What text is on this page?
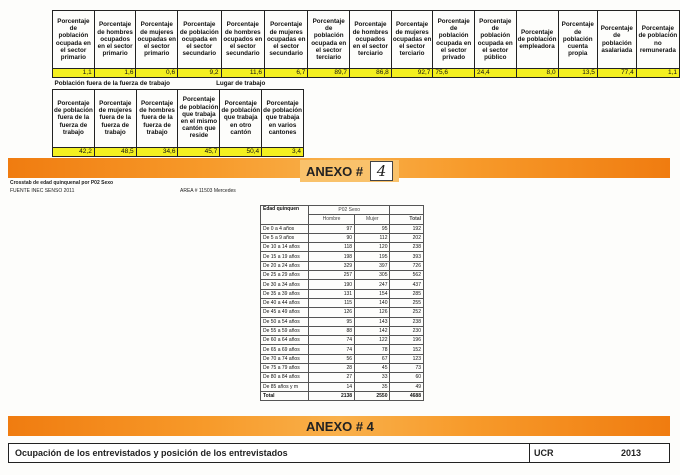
Porcentaje de población ocupada en el sector primario	Porcentaje de hombres ocupados en el sector primario	Porcentaje de mujeres ocupadas en el sector primario	Porcentaje de población ocupada en el sector secundario	Porcentaje de hombres ocupados en el sector secundario	Porcentaje de mujeres ocupadas en el sector secundario	Porcentaje de población ocupada en el sector terciario	Porcentaje de hombres ocupados en el sector terciario	Porcentaje de mujeres ocupadas en el sector terciario	Porcentaje de población ocupada en el sector privado	Porcentaje de población ocupada en el sector público	Porcentaje de población empleadora	Porcentaje de población cuenta propia	Porcentaje de población asalariada	Porcentaje de población no remunerada
1,1	1,6	0,6	9,2	11,6	6,7	89,7	86,8	92,7	75,6	24,4	8,0	13,5	77,4	1,1
Población fuera de la fuerza de trabajo			Lugar de trabajo		
Porcentaje de población fuera de la fuerza de trabajo	Porcentaje de mujeres fuera de la fuerza de trabajo	Porcentaje de hombres fuera de la fuerza de trabajo	Porcentaje de población que trabaja en el mismo cantón que reside	Porcentaje de población que trabaja en otro cantón	Porcentaje de población que trabaja en varios cantones
42,2	48,5	34,6	45,7	50,4	3,4
ANEXO # 4
Crosstab de edad quinquenal por P02 Sexo
FUENTE INEC SENSO 2011	AREA # 11503 Mercedes
Edad quinquen	P02 Sexo		
	Hombre	Mujer	Total
De 0 a 4 años	97	95	192
De 5 a 9 años	90	112	202
De 10 a 14 años	118	120	238
De 15 a 19 años	198	195	393
De 20 a 24 años	329	397	726
De 25 a 29 años	257	305	562
De 30 a 34 años	190	247	437
De 35 a 39 años	131	154	285
De 40 a 44 años	115	140	255
De 45 a 49 años	126	126	252
De 50 a 54 años	95	143	238
De 55 a 59 años	88	142	230
De 60 a 64 años	74	122	196
De 65 a 69 años	74	78	152
De 70 a 74 años	56	67	123
De 75 a 79 años	28	45	73
De 80 a 84 años	27	33	60
De 85 años y m	14	35	49
Total	2138	2550	4688
ANEXO # 4
Ocupación de los entrevistados y posición de los entrevistados	UCR	2013
